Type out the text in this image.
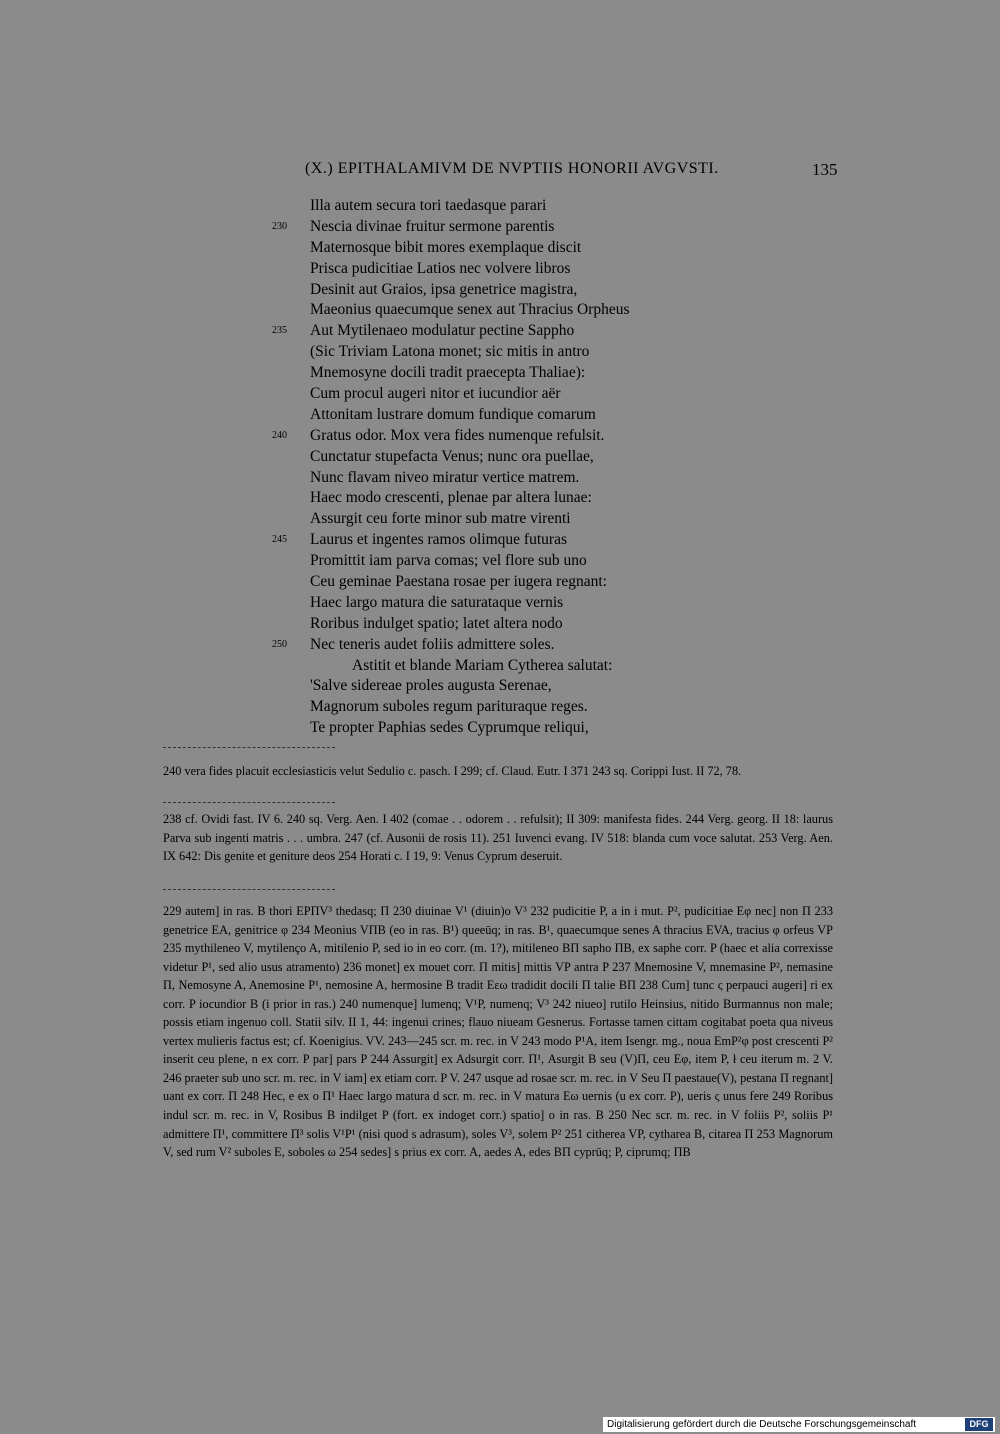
(X.) EPITHALAMIVM DE NVPTIIS HONORII AVGVSTI.	135
Illa autem secura tori taedasque parari
230	Nescia divinae fruitur sermone parentis
Maternosque bibit mores exemplaque discit
Prisca pudicitiae Latios nec volvere libros
Desinit aut Graios, ipsa genetrice magistra,
Maeonius quaecumque senex aut Thracius Orpheus
235	Aut Mytilenaeo modulatur pectine Sappho
(Sic Triviam Latona monet; sic mitis in antro
Mnemosyne docili tradit praecepta Thaliae):
Cum procul augeri nitor et iucundior aër
Attonitam lustrare domum fundique comarum
240	Gratus odor. Mox vera fides numenque refulsit.
Cunctatur stupefacta Venus; nunc ora puellae,
Nunc flavam niveo miratur vertice matrem.
Haec modo crescenti, plenae par altera lunae:
Assurgit ceu forte minor sub matre virenti
245	Laurus et ingentes ramos olimque futuras
Promittit iam parva comas; vel flore sub uno
Ceu geminae Paestana rosae per iugera regnant:
Haec largo matura die saturataque vernis
Roribus indulget spatio; latet altera nodo
250	Nec teneris audet foliis admittere soles.
Astitit et blande Mariam Cytherea salutat:
'Salve sidereae proles augusta Serenae,
Magnorum suboles regum parituraque reges.
Te propter Paphias sedes Cyprumque reliqui,

240 vera fides placuit ecclesiasticis velut Sedulio c. pasch. I 299; cf. Claud. Eutr. I 371 243 sq. Corippi Iust. II 72, 78.

238 cf. Ovidi fast. IV 6. 240 sq. Verg. Aen. I 402 (comae . . odorem . . refulsit); II 309: manifesta fides. 244 Verg. georg. II 18: laurus Parva sub ingenti matris . . . umbra. 247 (cf. Ausonii de rosis 11). 251 Iuvenci evang. IV 518: blanda cum voce salutat. 253 Verg. Aen. IX 642: Dis genite et geniture deos 254 Horati c. I 19, 9: Venus Cyprum deseruit.

229 autem] in ras. B thori EPΠV³ thedasq; Π 230 diuinae V¹ (diuin)o V³ 232 pudicitie P, a in i mut. P², pudicitiae Eφ nec] non Π 233 genetrice EA, genitrice φ 234 Meonius VΠB (eo in ras. B¹) queeūq; in ras. B¹, quaecumque senes A thracius EVA, tracius φ orfeus VP 235 mythileneo V, mytilenço A, mitilenio P, sed io in eo corr. (m. 1?), mitileneo BΠ sapho ΠB, ex saphe corr. P (haec et alia correxisse videtur P¹, sed alio usus atramento) 236 monet] ex mouet corr. Π mitis] mittis VP antra P 237 Mnemosine V, mnemasine P², nemasine Π, Nemosyne A, Anemosine P¹, nemosine A, hermosine B tradit Eεω tradidit docili Π talie BΠ 238 Cum] tunc ς perpauci augeri] ri ex corr. P iocundior B (i prior in ras.) 240 numenque] lumenq; V¹P, numenq; V³ 242 niueo] rutilo Heinsius, nitido Burmannus non male; possis etiam ingenuo coll. Statii silv. II 1, 44: ingenui crines; flauo niueam Gesnerus. Fortasse tamen cittam cogitabat poeta qua niveus vertex mulieris factus est; cf. Koenigius. VV. 243—245 scr. m. rec. in V 243 modo P¹A, item Isengr. mg., noua EmP²φ post crescenti P² inserit ceu plene, n ex corr. P par] pars P 244 Assurgit] ex Adsurgit corr. Π¹, Asurgit B seu (V)Π, ceu Eφ, item P, ł ceu iterum m. 2 V. 246 praeter sub uno scr. m. rec. in V iam] ex etiam corr. P V. 247 usque ad rosae scr. m. rec. in V Seu Π paestaue(V), pestana Π regnant] uant ex corr. Π 248 Hec, e ex o Π¹ Haec largo matura d scr. m. rec. in V matura Eω uernis (u ex corr. P), ueris ς unus fere 249 Roribus indul scr. m. rec. in V, Rosibus B indilget P (fort. ex indoget corr.) spatio] o in ras. B 250 Nec scr. m. rec. in V foliis P², soliis P¹ admittere Π¹, committere Π³ solis V¹P¹ (nisi quod s adrasum), soles V³, solem P² 251 citherea VP, cytharea B, citarea Π 253 Magnorum V, sed rum V² suboles E, soboles ω 254 sedes] s prius ex corr. A, aedes A, edes BΠ cyprūq; P, ciprumq; ΠB

Digitalisierung gefördert durch die Deutsche Forschungsgemeinschaft	DFG
